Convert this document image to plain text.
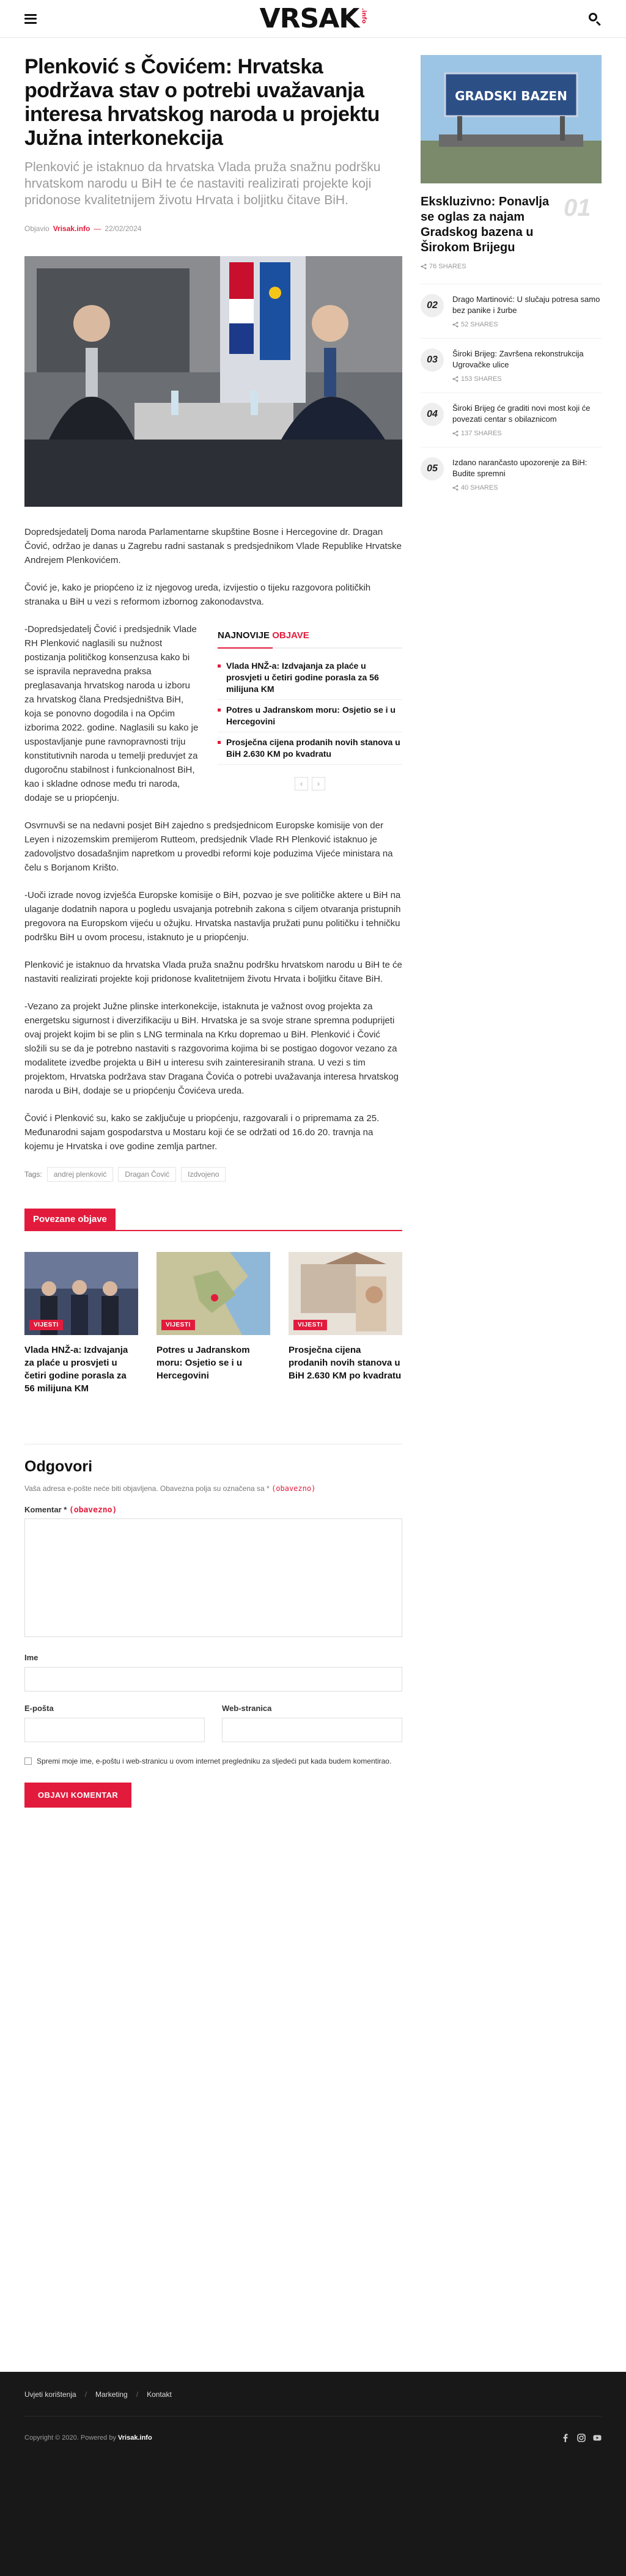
VRSAK .info
Plenković s Čovićem: Hrvatska podržava stav o potrebi uvažavanja interesa hrvatskog naroda u projektu Južna interkonekcija

Plenković je istaknuo da hrvatska Vlada pruža snažnu podršku hrvatskom narodu u BiH te će nastaviti realizirati projekte koji pridonose kvalitetnijem životu Hrvata i boljitku čitave BiH.

Objavio Vrisak.info — 22/02/2024

Dopredsjedatelj Doma naroda Parlamentarne skupštine Bosne i Hercegovine dr. Dragan Čović, održao je danas u Zagrebu radni sastanak s predsjednikom Vlade Republike Hrvatske Andrejem Plenkovićem.

Čović je, kako je priopćeno iz iz njegovog ureda, izvijestio o tijeku razgovora političkih stranaka u BiH u vezi s reformom izbornog zakonodavstva.

-Dopredsjedatelj Čović i predsjednik Vlade RH Plenković naglasili su nužnost postizanja političkog konsenzusa kako bi se ispravila nepravedna praksa preglasavanja hrvatskog naroda u izboru za hrvatskog člana Predsjedništva BiH, koja se ponovno dogodila i na Općim izborima 2022. godine. Naglasili su kako je uspostavljanje pune ravnopravnosti triju konstitutivnih naroda u temelji preduvjet za dugoročnu stabilnost i funkcionalnost BiH, kao i skladne odnose među tri naroda, dodaje se u priopćenju.
NAJNOVIJE OBJAVE
Vlada HNŽ-a: Izdvajanja za plaće u prosvjeti u četiri godine porasla za 56 milijuna KM
Potres u Jadranskom moru: Osjetio se i u Hercegovini
Prosječna cijena prodanih novih stanova u BiH 2.630 KM po kvadratu
‹	›

Osvrnuvši se na nedavni posjet BiH zajedno s predsjednicom Europske komisije von der Leyen i nizozemskim premijerom Rutteom, predsjednik Vlade RH Plenković istaknuo je zadovoljstvo dosadašnjim napretkom u provedbi reformi koje poduzima Vijeće ministara na čelu s Borjanom Krišto.

-Uoči izrade novog izvješća Europske komisije o BiH, pozvao je sve političke aktere u BiH na ulaganje dodatnih napora u pogledu usvajanja potrebnih zakona s ciljem otvaranja pristupnih pregovora na Europskom vijeću u ožujku. Hrvatska nastavlja pružati punu političku i tehničku podršku BiH u ovom procesu, istaknuto je u priopćenju.

Plenković je istaknuo da hrvatska Vlada pruža snažnu podršku hrvatskom narodu u BiH te će nastaviti realizirati projekte koji pridonose kvalitetnijem životu Hrvata i boljitku čitave BiH.

-Vezano za projekt Južne plinske interkonekcije, istaknuta je važnost ovog projekta za energetsku sigurnost i diverzifikaciju u BiH. Hrvatska je sa svoje strane spremna poduprijeti ovaj projekt kojim bi se plin s LNG terminala na Krku dopremao u BiH. Plenković i Čović složili su se da je potrebno nastaviti s razgovorima kojima bi se postigao dogovor vezano za modalitete izvedbe projekta u BiH u interesu svih zainteresiranih strana. U vezi s tim projektom, Hrvatska podržava stav Dragana Čovića o potrebi uvažavanja interesa hrvatskog naroda u BiH, dodaje se u priopćenju Čovićeva ureda.

Čović i Plenković su, kako se zaključuje u priopćenju, razgovarali i o pripremama za 25. Međunarodni sajam gospodarstva u Mostaru koji će se održati od 16.do 20. travnja na kojemu je Hrvatska i ove godine zemlja partner.

Tags:	andrej plenković	Dragan Čović	Izdvojeno
Povezane objave
VIJESTI
Vlada HNŽ-a: Izdvajanja za plaće u prosvjeti u četiri godine porasla za 56 milijuna KM
VIJESTI
Potres u Jadranskom moru: Osjetio se i u Hercegovini
VIJESTI
Prosječna cijena prodanih novih stanova u BiH 2.630 KM po kvadratu
Odgovori

Vaša adresa e-pošte neće biti objavljena. Obavezna polja su označena sa * (obavezno)

Komentar * (obavezno)
Ime
E-pošta	Web-stranica
Spremi moje ime, e-poštu i web-stranicu u ovom internet pregledniku za sljedeći put kada budem komentirao.
OBJAVI KOMENTAR
GRADSKI BAZEN
Ekskluzivno: Ponavlja se oglas za najam Gradskog bazena u Širokom Brijegu
76 SHARES
01
02
Drago Martinović: U slučaju potresa samo bez panike i žurbe
52 SHARES
03
Široki Brijeg: Završena rekonstrukcija Ugrovačke ulice
153 SHARES
04
Široki Brijeg će graditi novi most koji će povezati centar s obilaznicom
137 SHARES
05
Izdano narančasto upozorenje za BiH: Budite spremni
40 SHARES
Uvjeti korištenja / Marketing / Kontakt
Copyright © 2020. Powered by Vrisak.info
